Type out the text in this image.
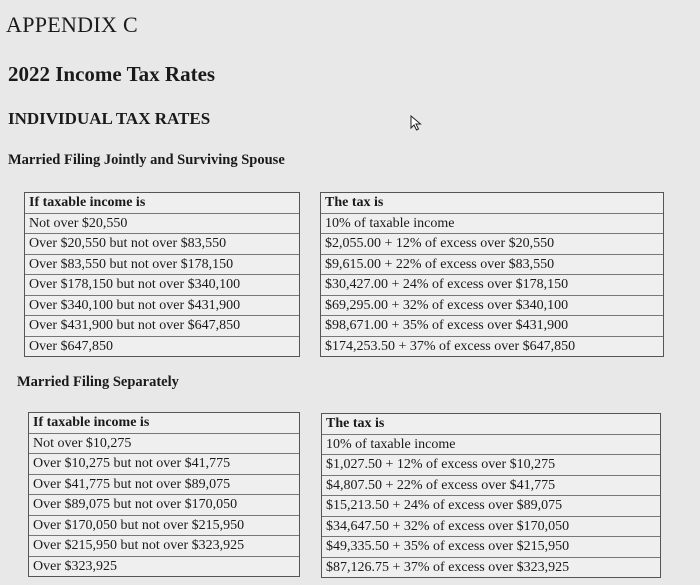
APPENDIX C
2022 Income Tax Rates
INDIVIDUAL TAX RATES
Married Filing Jointly and Surviving Spouse
If taxable income is
Not over $20,550
Over $20,550 but not over $83,550
Over $83,550 but not over $178,150
Over $178,150 but not over $340,100
Over $340,100 but not over $431,900
Over $431,900 but not over $647,850
Over $647,850
The tax is
10% of taxable income
$2,055.00 + 12% of excess over $20,550
$9,615.00 + 22% of excess over $83,550
$30,427.00 + 24% of excess over $178,150
$69,295.00 + 32% of excess over $340,100
$98,671.00 + 35% of excess over $431,900
$174,253.50 + 37% of excess over $647,850
Married Filing Separately
If taxable income is
Not over $10,275
Over $10,275 but not over $41,775
Over $41,775 but not over $89,075
Over $89,075 but not over $170,050
Over $170,050 but not over $215,950
Over $215,950 but not over $323,925
Over $323,925
The tax is
10% of taxable income
$1,027.50 + 12% of excess over $10,275
$4,807.50 + 22% of excess over $41,775
$15,213.50 + 24% of excess over $89,075
$34,647.50 + 32% of excess over $170,050
$49,335.50 + 35% of excess over $215,950
$87,126.75 + 37% of excess over $323,925
